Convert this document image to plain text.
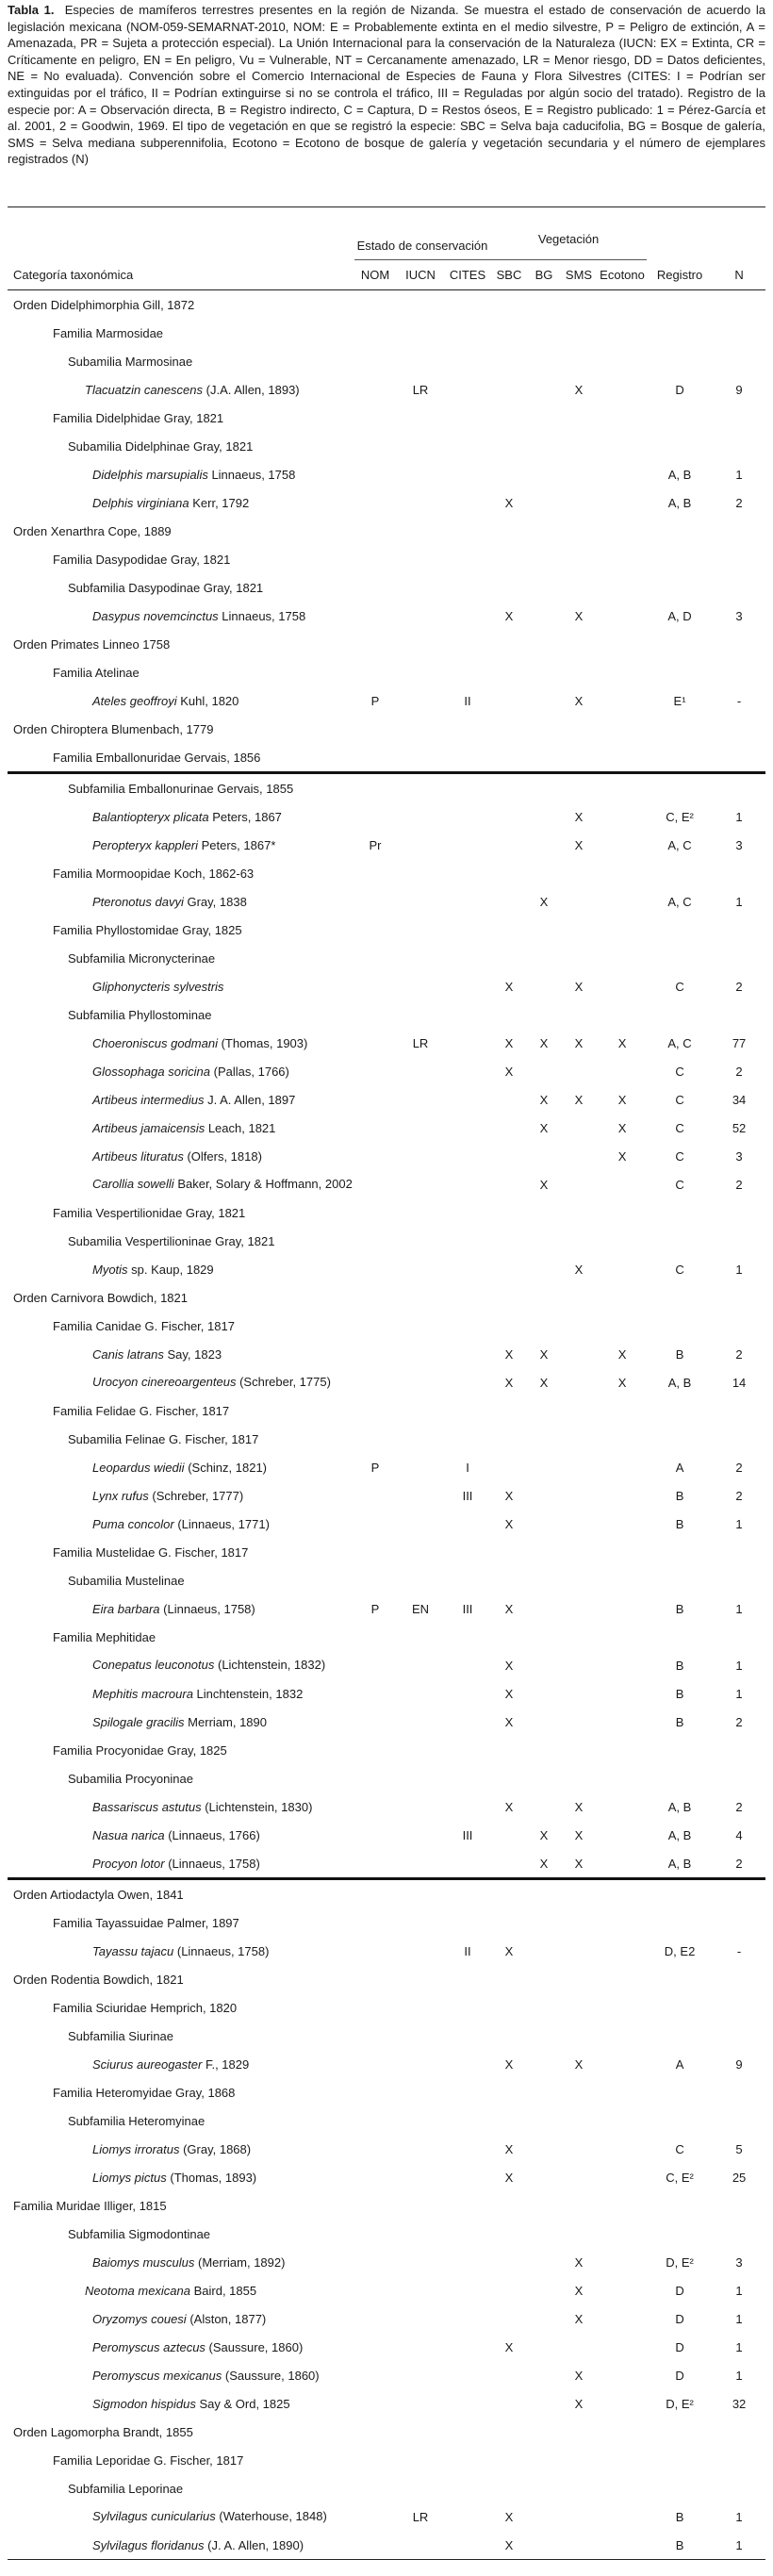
Tabla 1. Especies de mamíferos terrestres presentes en la región de Nizanda. Se muestra el estado de conservación de acuerdo la legislación mexicana (NOM-059-SEMARNAT-2010, NOM: E = Probablemente extinta en el medio silvestre, P = Peligro de extinción, A = Amenazada, PR = Sujeta a protección especial). La Unión Internacional para la conservación de la Naturaleza (IUCN: EX = Extinta, CR = Críticamente en peligro, EN = En peligro, Vu = Vulnerable, NT = Cercanamente amenazado, LR = Menor riesgo, DD = Datos deficientes, NE = No evaluada). Convención sobre el Comercio Internacional de Especies de Fauna y Flora Silvestres (CITES: I = Podrían ser extinguidas por el tráfico, II = Podrían extinguirse si no se controla el tráfico, III = Reguladas por algún socio del tratado). Registro de la especie por: A = Observación directa, B = Registro indirecto, C = Captura, D = Restos óseos, E = Registro publicado: 1 = Pérez-García et al. 2001, 2 = Goodwin, 1969. El tipo de vegetación en que se registró la especie: SBC = Selva baja caducifolia, BG = Bosque de galería, SMS = Selva mediana subperennifolia, Ecotono = Ecotono de bosque de galería y vegetación secundaria y el número de ejemplares registrados (N)
	Estado de conservación			Vegetación					
Categoría taxonómica	NOM	IUCN	CITES	SBC	BG	SMS	Ecotono	Registro	N
Orden Didelphimorphia Gill, 1872									
Familia Marmosidae									
Subamilia Marmosinae									
Tlacuatzin canescens (J.A. Allen, 1893)		LR				X		D	9
Familia Didelphidae Gray, 1821									
Subamilia Didelphinae Gray, 1821									
Didelphis marsupialis Linnaeus, 1758								A, B	1
Delphis virginiana Kerr, 1792				X				A, B	2
Orden Xenarthra Cope, 1889									
Familia Dasypodidae Gray, 1821									
Subfamilia Dasypodinae Gray, 1821									
Dasypus novemcinctus Linnaeus, 1758				X		X		A, D	3
Orden Primates Linneo 1758									
Familia Atelinae									
Ateles geoffroyi Kuhl, 1820	P		II			X		E¹	-
Orden Chiroptera Blumenbach, 1779									
Familia Emballonuridae Gervais, 1856									
Subfamilia Emballonurinae Gervais, 1855									
Balantiopteryx plicata Peters, 1867						X		C, E²	1
Peropteryx kappleri Peters, 1867*	Pr					X		A, C	3
Familia Mormoopidae Koch, 1862-63									
Pteronotus davyi Gray, 1838					X			A, C	1
Familia Phyllostomidae Gray, 1825									
Subfamilia Micronycterinae									
Gliphonycteris sylvestris				X		X		C	2
Subfamilia Phyllostominae									
Choeroniscus godmani (Thomas, 1903)		LR		X	X	X	X	A, C	77
Glossophaga soricina (Pallas, 1766)				X				C	2
Artibeus intermedius J. A. Allen, 1897					X	X	X	C	34
Artibeus jamaicensis Leach, 1821					X		X	C	52
Artibeus lituratus (Olfers, 1818)							X	C	3
Carollia sowelli Baker, Solary & Hoffmann, 2002					X			C	2
Familia Vespertilionidae Gray, 1821									
Subamilia Vespertilioninae Gray, 1821									
Myotis sp. Kaup, 1829						X		C	1
Orden Carnivora Bowdich, 1821									
Familia Canidae G. Fischer, 1817									
Canis latrans Say, 1823				X	X		X	B	2
Urocyon cinereoargenteus (Schreber, 1775)				X	X		X	A, B	14
Familia Felidae G. Fischer, 1817									
Subamilia Felinae G. Fischer, 1817									
Leopardus wiedii (Schinz, 1821)	P		I					A	2
Lynx rufus (Schreber, 1777)			III	X				B	2
Puma concolor (Linnaeus, 1771)				X				B	1
Familia Mustelidae G. Fischer, 1817									
Subamilia Mustelinae									
Eira barbara (Linnaeus, 1758)	P	EN	III	X				B	1
Familia Mephitidae									
Conepatus leuconotus (Lichtenstein, 1832)				X				B	1
Mephitis macroura Linchtenstein, 1832				X				B	1
Spilogale gracilis Merriam, 1890				X				B	2
Familia Procyonidae Gray, 1825									
Subamilia Procyoninae									
Bassariscus astutus (Lichtenstein, 1830)				X		X		A, B	2
Nasua narica (Linnaeus, 1766)			III		X	X		A, B	4
Procyon lotor (Linnaeus, 1758)					X	X		A, B	2
Orden Artiodactyla Owen, 1841									
Familia Tayassuidae Palmer, 1897									
Tayassu tajacu (Linnaeus, 1758)			II	X				D, E2	-
Orden Rodentia Bowdich, 1821									
Familia Sciuridae Hemprich, 1820									
Subfamilia Siurinae									
Sciurus aureogaster F., 1829				X		X		A	9
Familia Heteromyidae Gray, 1868									
Subfamilia Heteromyinae									
Liomys irroratus (Gray, 1868)				X				C	5
Liomys pictus (Thomas, 1893)				X				C, E²	25
Familia Muridae Illiger, 1815									
Subfamilia Sigmodontinae									
Baiomys musculus (Merriam, 1892)						X		D, E²	3
Neotoma mexicana Baird, 1855						X		D	1
Oryzomys couesi (Alston, 1877)						X		D	1
Peromyscus aztecus (Saussure, 1860)				X				D	1
Peromyscus mexicanus (Saussure, 1860)						X		D	1
Sigmodon hispidus Say & Ord, 1825						X		D, E²	32
Orden Lagomorpha Brandt, 1855									
Familia Leporidae G. Fischer, 1817									
Subfamilia Leporinae									
Sylvilagus cunicularius (Waterhouse, 1848)		LR		X				B	1
Sylvilagus floridanus (J. A. Allen, 1890)				X				B	1
